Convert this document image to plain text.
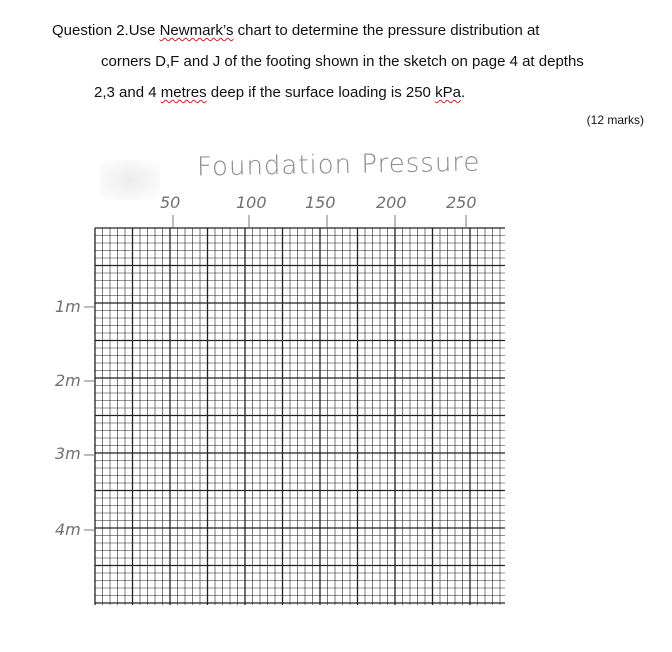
Question 2.Use Newmark’s chart to determine the pressure distribution at
corners D,F and J of the footing shown in the sketch on page 4 at depths
2,3 and 4 metres deep if the surface loading is 250 kPa.
(12 marks)
Foundation Pressure
50	100 150	200 250
1m
2m
3m
4m
